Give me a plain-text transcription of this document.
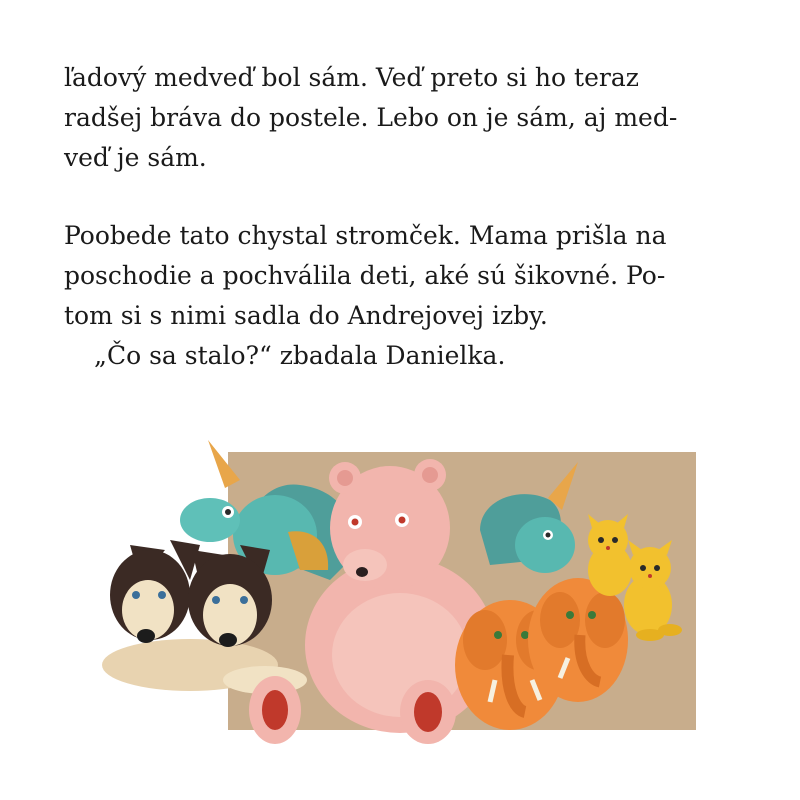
ľadový medveď bol sám. Veď preto si ho teraz
radšej bráva do postele. Lebo on je sám, aj med-
veď je sám.
Poobede tato chystal stromček. Mama prišla na
poschodie a pochválila deti, aké sú šikovné. Po-
tom si s nimi sadla do Andrejovej izby.
„Čo sa stalo?“ zbadala Danielka.
